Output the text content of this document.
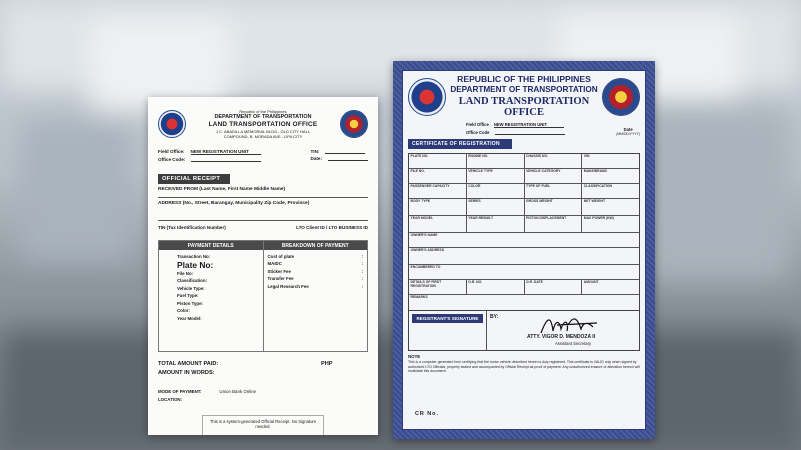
Republic of the Philippines
DEPARTMENT OF TRANSPORTATION
LAND TRANSPORTATION OFFICE
J.C. ABADILLA MEMORIAL BLDG., OLD CITY HALL
COMPOUND, B. MORADA AVE., LIPA CITY
Field Office: NEW REGISTRATION UNIT
Office Code:
TIN:
Date:
OFFICIAL RECEIPT
RECEIVED FROM (Last Name, First Name Middle Name)
ADDRESS (No., Street, Barangay, Municipality Zip Code, Province)
TIN (Tax Identification Number)	LTO Client ID / LTO BUSINESS ID
PAYMENT DETAILS
Transaction No:
Plate No:
File No:
Classification:
Vehicle Type:
Fuel Type:
Piston Type:
Color:
Year Model:
BREAKDOWN OF PAYMENT
Cost of plate	:
MAIDC	:
Sticker Fee	:
Transfer Fee	:
Legal Research Fee	:
TOTAL AMOUNT PAID:	PHP
AMOUNT IN WORDS:
MODE OF PAYMENT:	Union Bank Online
LOCATION:
This is a system-generated Official Receipt. No Signature needed.
REPUBLIC OF THE PHILIPPINES
DEPARTMENT OF TRANSPORTATION
LAND TRANSPORTATION OFFICE
Field Office NEW REGISTRATION UNIT
Office Code	Date
(MM/DD/YYYY)
CERTIFICATE OF REGISTRATION
PLATE NO.	ENGINE NO.	CHASSIS NO.	VIN
FILE NO.	VEHICLE TYPE	VEHICLE CATEGORY	MAKE/BRAND
PASSENGER CAPACITY	COLOR	TYPE OF FUEL	CLASSIFICATION
BODY TYPE	SERIES	GROSS WEIGHT	NET WEIGHT
YEAR MODEL	YEAR REBUILT	PISTON DISPLACEMENT	MAX POWER (KW)
OWNER'S NAME
OWNER'S ADDRESS
ENCUMBERED TO
DETAILS OF FIRST REGISTRATION
O.R. NO.	O.R. DATE	AMOUNT
REMARKS
REGISTRANT'S SIGNATURE	BY:
ATTY. VIGOR D. MENDOZA II
Assistant Secretary
NOTE
This is a computer generated form certifying that the motor vehicle described herein is duly registered. This certificate is VALID only when signed by authorized LTO Officials, properly sealed and accompanied by Official Receipt as proof of payment. Any unauthorized erasure or alteration hereon will invalidate this document.
CR No.
